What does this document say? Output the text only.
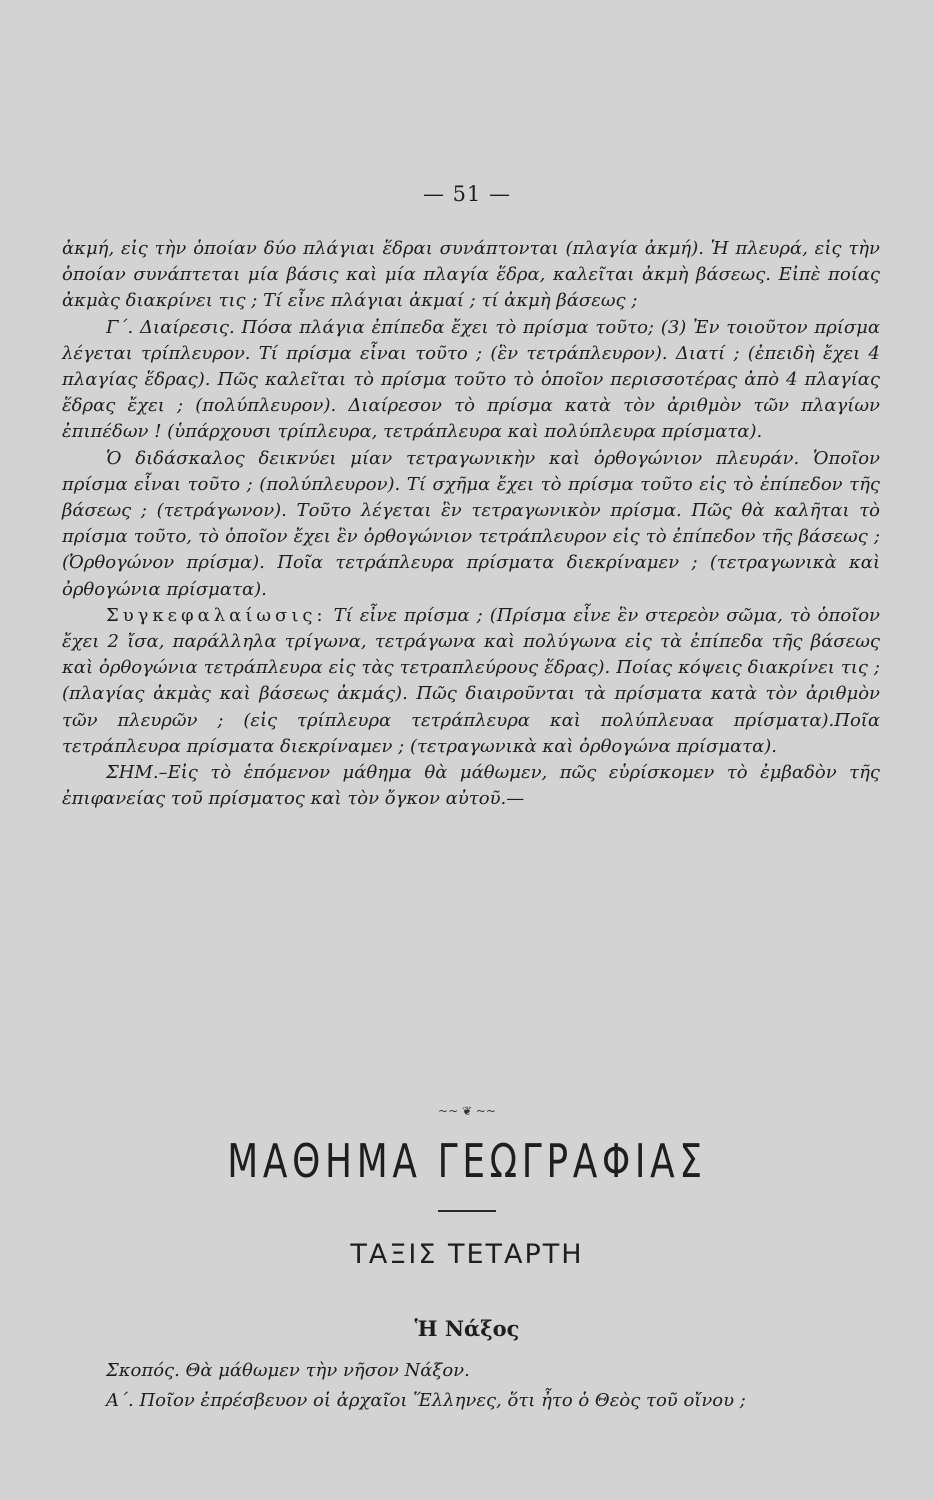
— 51 —

ἀκμή, εἰς τὴν ὁποίαν δύο πλάγιαι ἕδραι συνάπτονται (πλαγία ἀκμή). Ἡ πλευρά, εἰς τὴν ὁποίαν συνάπτεται μία βάσις καὶ μία πλαγία ἕδρα, καλεῖται ἀκμὴ βάσεως. Εἰπὲ ποίας ἀκμὰς διακρίνει τις ; Τί εἶνε πλάγιαι ἀκμαί ; τί ἀκμὴ βάσεως ;

Γ΄. Διαίρεσις. Πόσα πλάγια ἐπίπεδα ἔχει τὸ πρίσμα τοῦτο; (3) Ἐν τοιοῦτον πρίσμα λέγεται τρίπλευρον. Τί πρίσμα εἶναι τοῦτο ; (ἓν τετράπλευρον). Διατί ; (ἐπειδὴ ἔχει 4 πλαγίας ἕδρας). Πῶς καλεῖται τὸ πρίσμα τοῦτο τὸ ὁποῖον περισσοτέρας ἀπὸ 4 πλαγίας ἕδρας ἔχει ; (πολύπλευρον). Διαίρεσον τὸ πρίσμα κατὰ τὸν ἀριθμὸν τῶν πλαγίων ἐπιπέδων ! (ὑπάρχουσι τρίπλευρα, τετράπλευρα καὶ πολύπλευρα πρίσματα).

Ὁ διδάσκαλος δεικνύει μίαν τετραγωνικὴν καὶ ὀρθογώνιον πλευράν. Ὁποῖον πρίσμα εἶναι τοῦτο ; (πολύπλευρον). Τί σχῆμα ἔχει τὸ πρίσμα τοῦτο εἰς τὸ ἐπίπεδον τῆς βάσεως ; (τετράγωνον). Τοῦτο λέγεται ἓν τετραγωνικὸν πρίσμα. Πῶς θὰ καλῆται τὸ πρίσμα τοῦτο, τὸ ὁποῖον ἔχει ἓν ὀρθογώνιον τετράπλευρον εἰς τὸ ἐπίπεδον τῆς βάσεως ; (Ὀρθογώνον πρίσμα). Ποῖα τετράπλευρα πρίσματα διεκρίναμεν ; (τετραγωνικὰ καὶ ὀρθογώνια πρίσματα).

Συγκεφαλαίωσις: Τί εἶνε πρίσμα ; (Πρίσμα εἶνε ἓν στερεὸν σῶμα, τὸ ὁποῖον ἔχει 2 ἴσα, παράλληλα τρίγωνα, τετράγωνα καὶ πολύγωνα εἰς τὰ ἐπίπεδα τῆς βάσεως καὶ ὀρθογώνια τετράπλευρα εἰς τὰς τετραπλεύρους ἕδρας). Ποίας κόψεις διακρίνει τις ;(πλαγίας ἀκμὰς καὶ βάσεως ἀκμάς). Πῶς διαιροῦνται τὰ πρίσματα κατὰ τὸν ἀριθμὸν τῶν πλευρῶν ; (εἰς τρίπλευρα τετράπλευρα καὶ πολύπλευαα πρίσματα).Ποῖα τετράπλευρα πρίσματα διεκρίναμεν ; (τετραγωνικὰ καὶ ὀρθογώνα πρίσματα).

ΣΗΜ.–Εἰς τὸ ἑπόμενον μάθημα θὰ μάθωμεν, πῶς εὑρίσκομεν τὸ ἐμβαδὸν τῆς ἐπιφανείας τοῦ πρίσματος καὶ τὸν ὄγκον αὐτοῦ.—

~~ ❦ ~~
ΜΑΘΗΜΑ ΓΕΩΓΡΑΦΙΑΣ
ΤΑΞΙΣ ΤΕΤΑΡΤΗ
Ἡ Νάξος

Σκοπός. Θὰ μάθωμεν τὴν νῆσον Νάξον.

Α΄. Ποῖον ἐπρέσβευον οἱ ἀρχαῖοι Ἕλληνες, ὅτι ἦτο ὁ Θεὸς τοῦ οἴνου ;
